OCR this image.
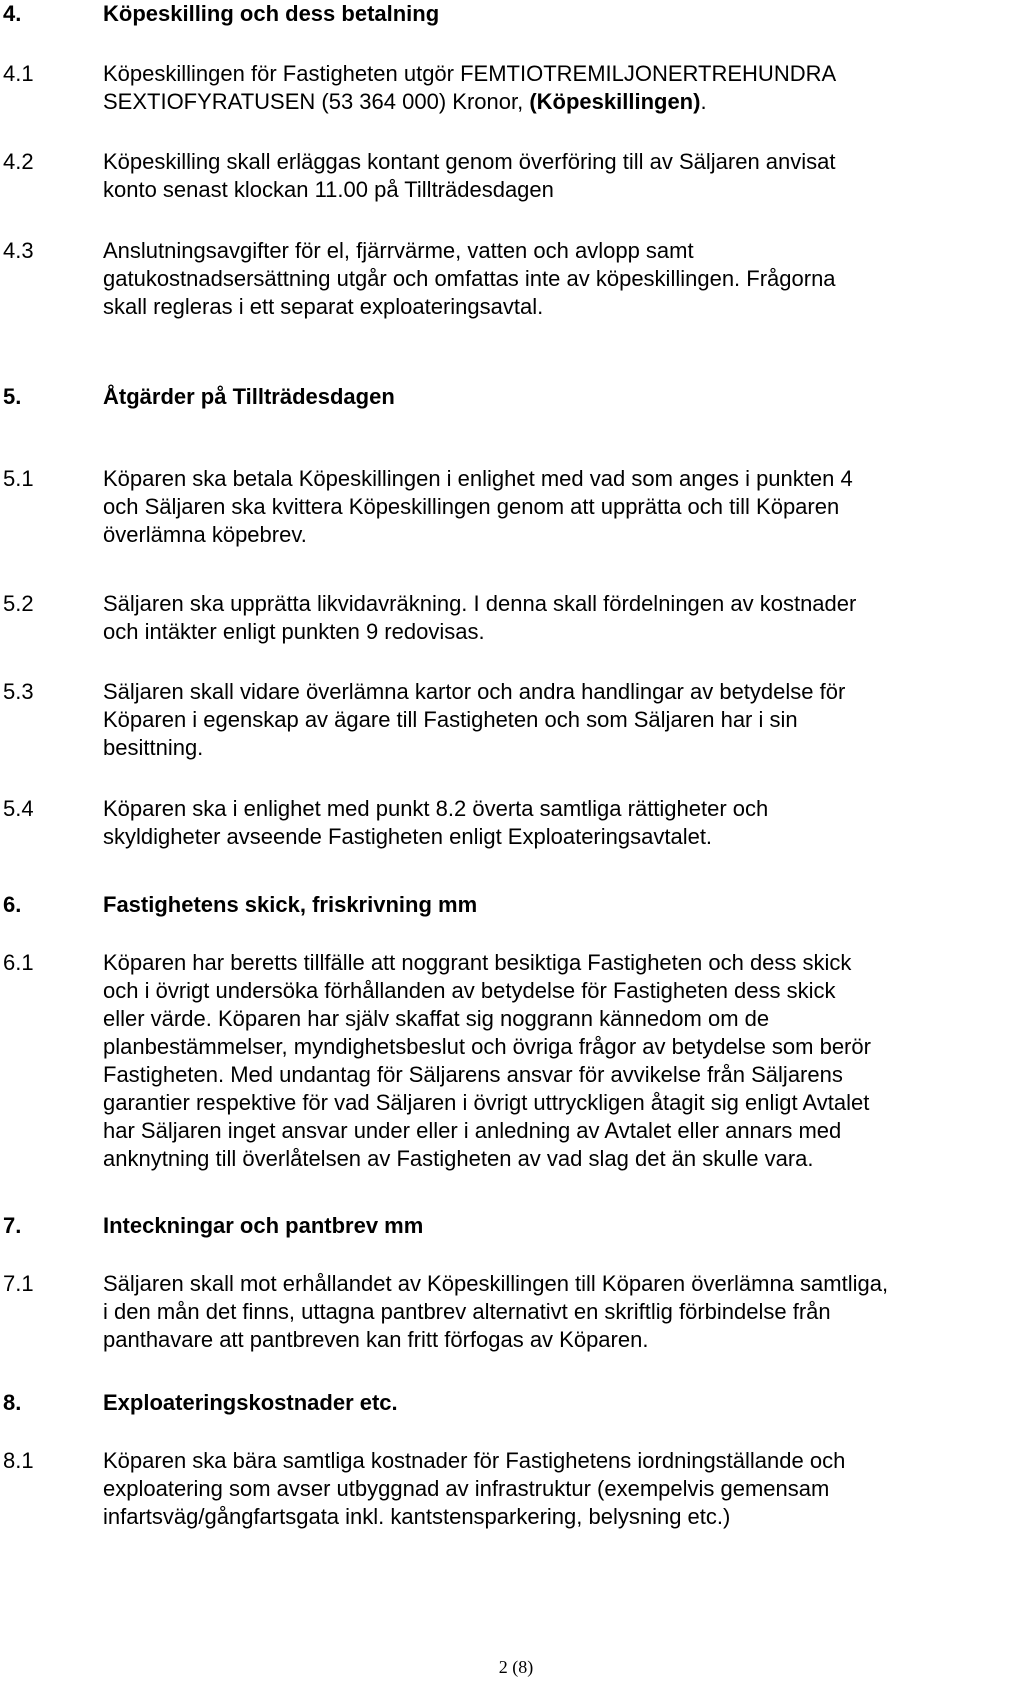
4.	Köpeskilling och dess betalning
4.1	Köpeskillingen för Fastigheten utgör FEMTIOTREMILJONERTREHUNDRA
SEXTIOFYRATUSEN (53 364 000) Kronor, (Köpeskillingen).
4.2	Köpeskilling skall erläggas kontant genom överföring till av Säljaren anvisat
konto senast klockan 11.00 på Tillträdesdagen
4.3	Anslutningsavgifter för el, fjärrvärme, vatten och avlopp samt
gatukostnadsersättning utgår och omfattas inte av köpeskillingen. Frågorna
skall regleras i ett separat exploateringsavtal.
5.	Åtgärder på Tillträdesdagen
5.1	Köparen ska betala Köpeskillingen i enlighet med vad som anges i punkten 4
och Säljaren ska kvittera Köpeskillingen genom att upprätta och till Köparen
överlämna köpebrev.
5.2	Säljaren ska upprätta likvidavräkning. I denna skall fördelningen av kostnader
och intäkter enligt punkten 9 redovisas.
5.3	Säljaren skall vidare överlämna kartor och andra handlingar av betydelse för
Köparen i egenskap av ägare till Fastigheten och som Säljaren har i sin
besittning.
5.4	Köparen ska i enlighet med punkt 8.2 överta samtliga rättigheter och
skyldigheter avseende Fastigheten enligt Exploateringsavtalet.
6.	Fastighetens skick, friskrivning mm
6.1	Köparen har beretts tillfälle att noggrant besiktiga Fastigheten och dess skick
och i övrigt undersöka förhållanden av betydelse för Fastigheten dess skick
eller värde. Köparen har själv skaffat sig noggrann kännedom om de
planbestämmelser, myndighetsbeslut och övriga frågor av betydelse som berör
Fastigheten. Med undantag för Säljarens ansvar för avvikelse från Säljarens
garantier respektive för vad Säljaren i övrigt uttryckligen åtagit sig enligt Avtalet
har Säljaren inget ansvar under eller i anledning av Avtalet eller annars med
anknytning till överlåtelsen av Fastigheten av vad slag det än skulle vara.
7.	Inteckningar och pantbrev mm
7.1	Säljaren skall mot erhållandet av Köpeskillingen till Köparen överlämna samtliga,
i den mån det finns, uttagna pantbrev alternativt en skriftlig förbindelse från
panthavare att pantbreven kan fritt förfogas av Köparen.
8.	Exploateringskostnader etc.
8.1	Köparen ska bära samtliga kostnader för Fastighetens iordningställande och
exploatering som avser utbyggnad av infrastruktur (exempelvis gemensam
infartsväg/gångfartsgata inkl. kantstensparkering, belysning etc.)
2 (8)
